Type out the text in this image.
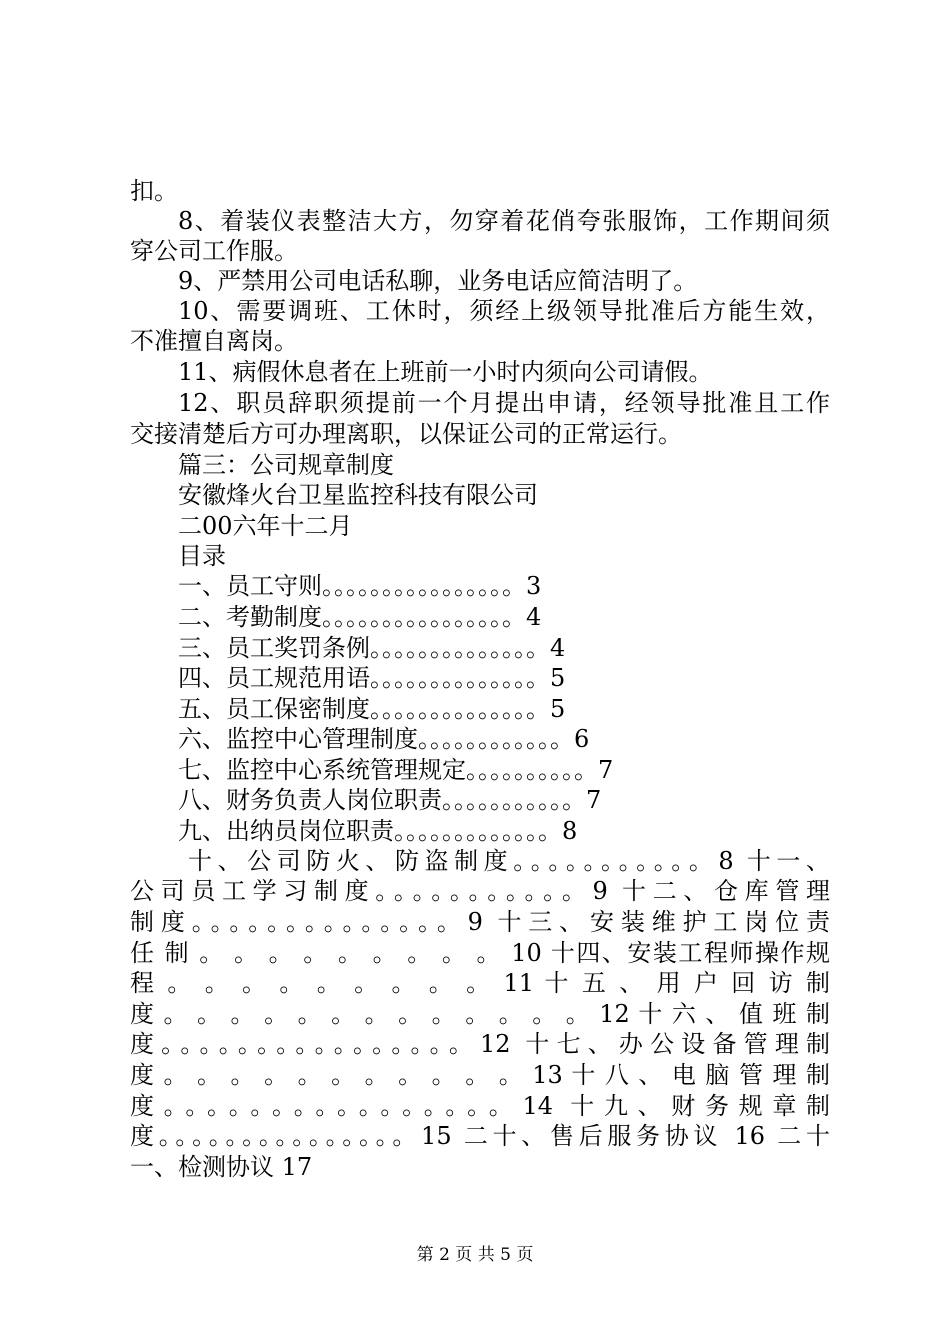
扣。
8、着装仪表整洁大方，勿穿着花俏夸张服饰，工作期间须
穿公司工作服。
9、严禁用公司电话私聊，业务电话应简洁明了。
10、需要调班、工休时，须经上级领导批准后方能生效，
不准擅自离岗。
11、病假休息者在上班前一小时内须向公司请假。
12、职员辞职须提前一个月提出申请，经领导批准且工作
交接清楚后方可办理离职，以保证公司的正常运行。
篇三：公司规章制度
安徽烽火台卫星监控科技有限公司
二00六年十二月
目录
一、员工守则。。。。。。。。。。。。。。。。3
二、考勤制度。。。。。。。。。。。。。。。。4
三、员工奖罚条例。。。。。。。。。。。。。。4
四、员工规范用语。。。。。。。。。。。。。。5
五、员工保密制度。。。。。。。。。。。。。。5
六、监控中心管理制度。。。。。。。。。。。。6
七、监控中心系统管理规定。。。。。。。。。。7
八、财务负责人岗位职责。。。。。。。。。。。7
九、出纳员岗位职责。。。。。。。。。。。。。8
十、公司防火、防盗制度。。。。。。。。。。。8 十一、
公司员工学习制度。。。。。。。。。。。9 十二、仓库管理
制度。。。。。。。。。。。。。。9 十三、安装维护工岗位责
任 制 。 。 。 。 。 。 。 。 。 10 十四、安装工程师操作规
程 。 。 。 。 。 。 。 。 。 11 十 五 、 用 户 回 访 制
度 。 。 。 。 。 。 。 。 。 。 。 。 。 12 十 六 、 值 班 制
度。。。。。。。。。。。。。。。。12 十七、办公设备管理制
度 。 。 。 。 。 。 。 。 。 。 。 13 十 八 、 电 脑 管 理 制
度。。。。。。。。。。。。。。。。14 十九、财务规章制
度。。。。。。。。。。。。。。。15 二十、售后服务协议 16 二十
一、检测协议 17
第 2 页 共 5 页
